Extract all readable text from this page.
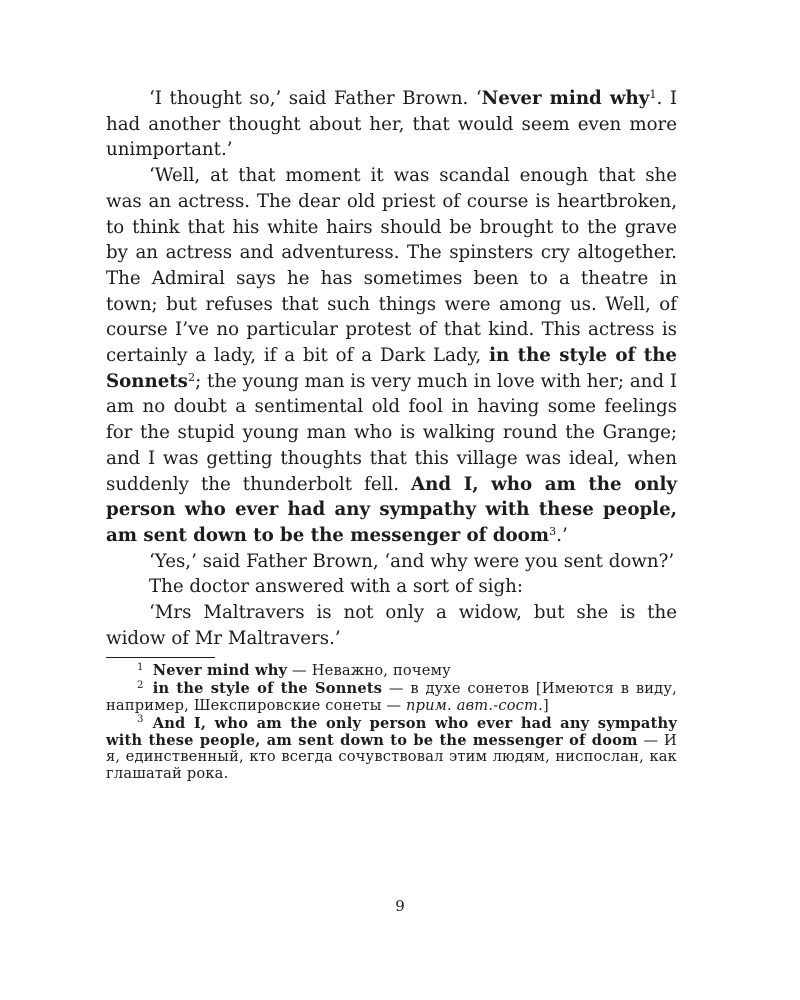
‘I thought so,’ said Father Brown. ‘Never mind why$^1$. I had another thought about her, that would seem even more unimportant.’

‘Well, at that moment it was scandal enough that she was an actress. The dear old priest of course is heartbroken, to think that his white hairs should be brought to the grave by an actress and adventuress. The spinsters cry altogether. The Admiral says he has sometimes been to a theatre in town; but refuses that such things were among us. Well, of course I’ve no particular protest of that kind. This actress is certainly a lady, if a bit of a Dark Lady, in the style of the Sonnets$^2$; the young man is very much in love with her; and I am no doubt a sentimental old fool in having some feelings for the stupid young man who is walking round the Grange; and I was getting thoughts that this village was ideal, when suddenly the thunderbolt fell. And I, who am the only person who ever had any sympathy with these people, am sent down to be the messenger of doom$^3$.’

‘Yes,’ said Father Brown, ‘and why were you sent down?’

The doctor answered with a sort of sigh:

‘Mrs Maltravers is not only a widow, but she is the widow of Mr Maltravers.’

$^1$ Never mind why — Неважно, почему

$^2$ in the style of the Sonnets — в духе сонетов [Имеются в виду, например, Шекспировские сонеты — прим. авт.-сост.]

$^3$ And I, who am the only person who ever had any sympathy with these people, am sent down to be the messenger of doom — И я, единственный, кто всегда сочувствовал этим людям, ниспослан, как глашатай рока.

9
